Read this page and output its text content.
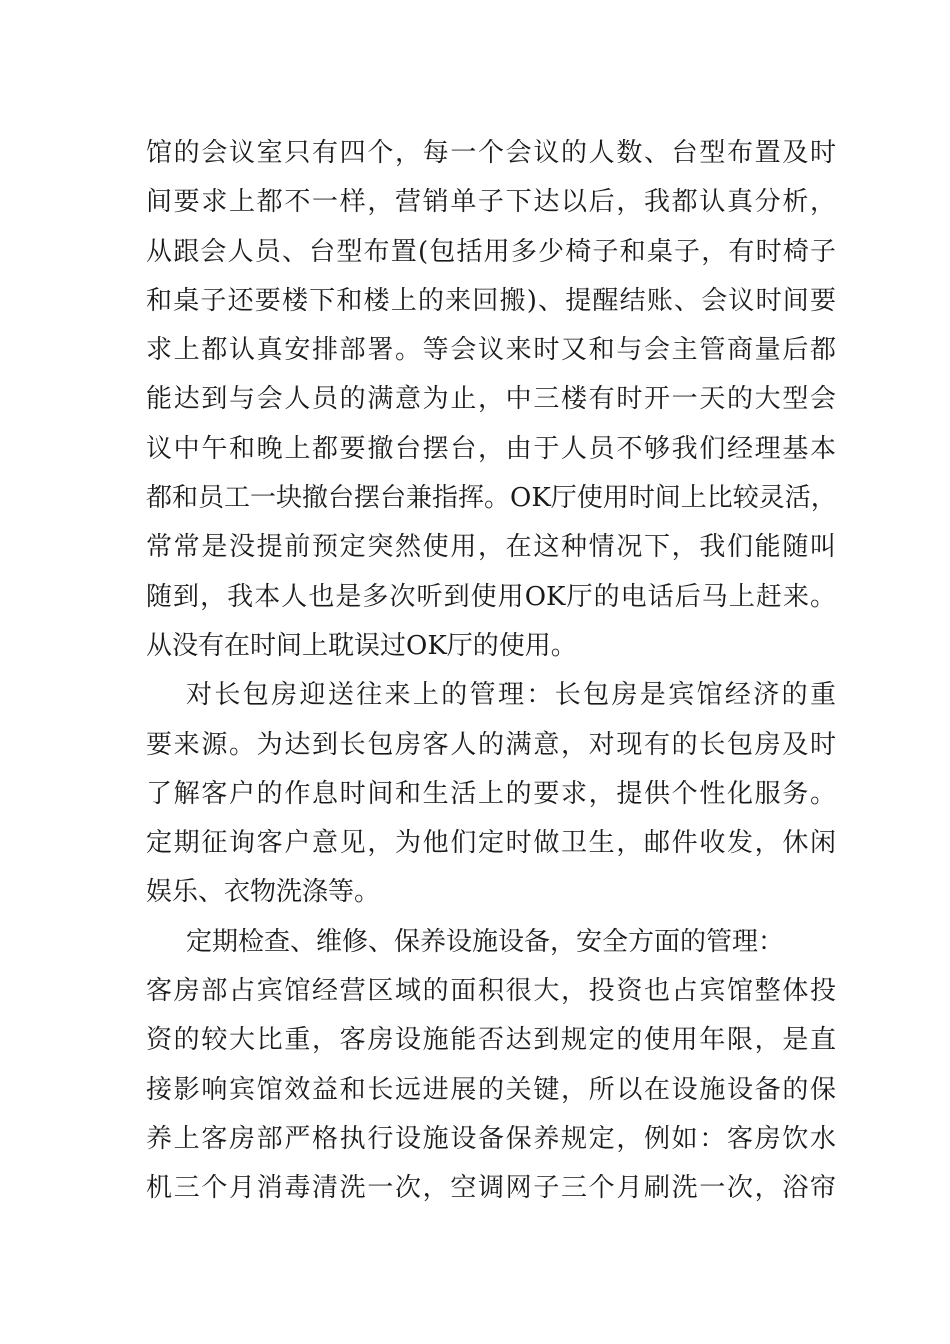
馆的会议室只有四个，每一个会议的人数、台型布置及时
间要求上都不一样，营销单子下达以后，我都认真分析，
从跟会人员、台型布置(包括用多少椅子和桌子，有时椅子
和桌子还要楼下和楼上的来回搬)、提醒结账、会议时间要
求上都认真安排部署。等会议来时又和与会主管商量后都
能达到与会人员的满意为止，中三楼有时开一天的大型会
议中午和晚上都要撤台摆台，由于人员不够我们经理基本
都和员工一块撤台摆台兼指挥。OK厅使用时间上比较灵活，
常常是没提前预定突然使用，在这种情况下，我们能随叫
随到，我本人也是多次听到使用OK厅的电话后马上赶来。
从没有在时间上耽误过OK厅的使用。
对长包房迎送往来上的管理：长包房是宾馆经济的重
要来源。为达到长包房客人的满意，对现有的长包房及时
了解客户的作息时间和生活上的要求，提供个性化服务。
定期征询客户意见，为他们定时做卫生，邮件收发，休闲
娱乐、衣物洗涤等。
定期检查、维修、保养设施设备，安全方面的管理：
客房部占宾馆经营区域的面积很大，投资也占宾馆整体投
资的较大比重，客房设施能否达到规定的使用年限，是直
接影响宾馆效益和长远进展的关键，所以在设施设备的保
养上客房部严格执行设施设备保养规定，例如：客房饮水
机三个月消毒清洗一次，空调网子三个月刷洗一次，浴帘
